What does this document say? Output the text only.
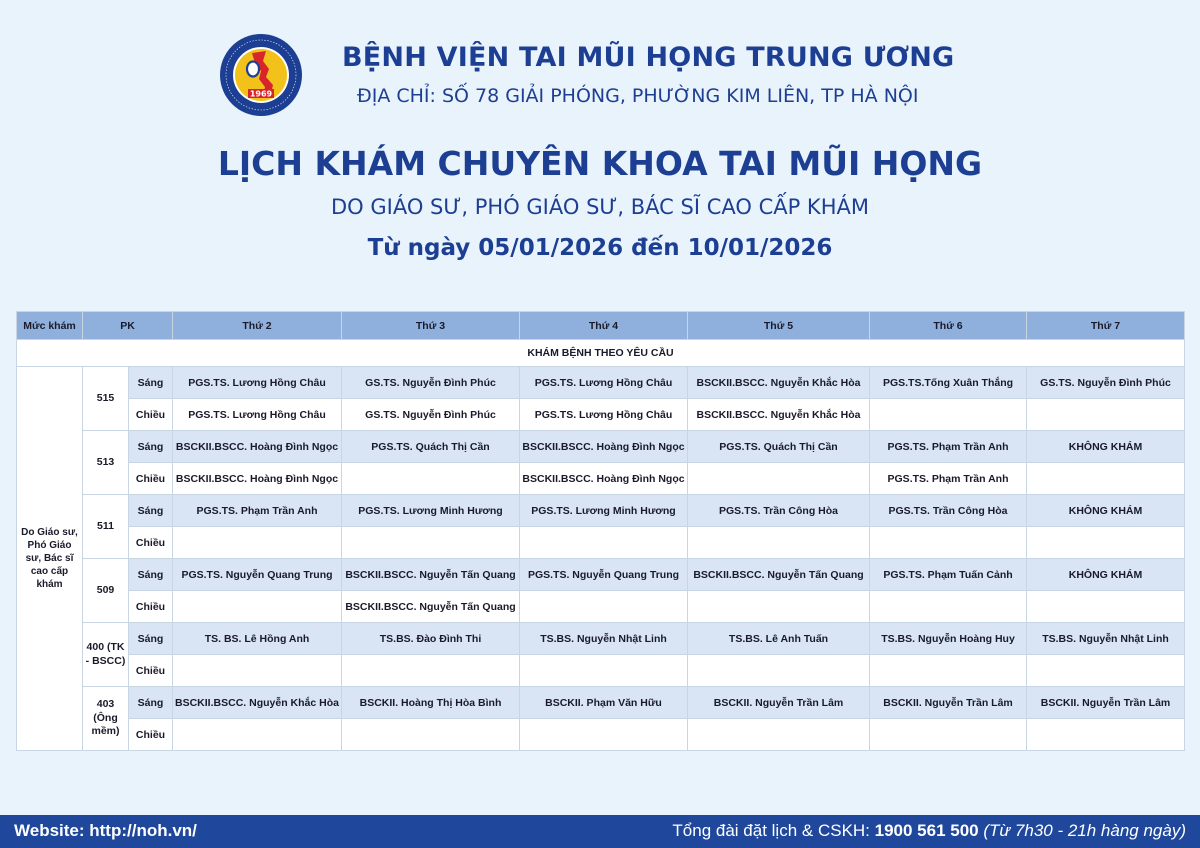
1969
BỆNH VIỆN TAI MŨI HỌNG TRUNG ƯƠNG

ĐỊA CHỈ: SỐ 78 GIẢI PHÓNG, PHƯỜNG KIM LIÊN, TP HÀ NỘI

LỊCH KHÁM CHUYÊN KHOA TAI MŨI HỌNG

DO GIÁO SƯ, PHÓ GIÁO SƯ, BÁC SĨ CAO CẤP KHÁM

Từ ngày 05/01/2026 đến 10/01/2026

Mức khám	PK		Thứ 2	Thứ 3	Thứ 4	Thứ 5	Thứ 6	Thứ 7
KHÁM BỆNH THEO YÊU CẦU								
Do Giáo sư, Phó Giáo sư, Bác sĩ cao cấp khám	515	Sáng	PGS.TS. Lương Hồng Châu	GS.TS. Nguyễn Đình Phúc	PGS.TS. Lương Hồng Châu	BSCKII.BSCC. Nguyễn Khắc Hòa	PGS.TS.Tống Xuân Thắng	GS.TS. Nguyễn Đình Phúc
		Chiều	PGS.TS. Lương Hồng Châu	GS.TS. Nguyễn Đình Phúc	PGS.TS. Lương Hồng Châu	BSCKII.BSCC. Nguyễn Khắc Hòa		
	513	Sáng	BSCKII.BSCC. Hoàng Đình Ngọc	PGS.TS. Quách Thị Cần	BSCKII.BSCC. Hoàng Đình Ngọc	PGS.TS. Quách Thị Cần	PGS.TS. Phạm Trần Anh	KHÔNG KHÁM
		Chiều	BSCKII.BSCC. Hoàng Đình Ngọc		BSCKII.BSCC. Hoàng Đình Ngọc		PGS.TS. Phạm Trần Anh	
	511	Sáng	PGS.TS. Phạm Trần Anh	PGS.TS. Lương Minh Hương	PGS.TS. Lương Minh Hương	PGS.TS. Trần Công Hòa	PGS.TS. Trần Công Hòa	KHÔNG KHÁM
		Chiều						
	509	Sáng	PGS.TS. Nguyễn Quang Trung	BSCKII.BSCC. Nguyễn Tấn Quang	PGS.TS. Nguyễn Quang Trung	BSCKII.BSCC. Nguyễn Tấn Quang	PGS.TS. Phạm Tuấn Cảnh	KHÔNG KHÁM
		Chiều		BSCKII.BSCC. Nguyễn Tấn Quang				
	400 (TK - BSCC)	Sáng	TS. BS. Lê Hồng Anh	TS.BS. Đào Đình Thi	TS.BS. Nguyễn Nhật Linh	TS.BS. Lê Anh Tuấn	TS.BS. Nguyễn Hoàng Huy	TS.BS. Nguyễn Nhật Linh
		Chiều						
	403 (Ông mềm)	Sáng	BSCKII.BSCC. Nguyễn Khắc Hòa	BSCKII. Hoàng Thị Hòa Bình	BSCKII. Phạm Văn Hữu	BSCKII. Nguyễn Trần Lâm	BSCKII. Nguyễn Trần Lâm	BSCKII. Nguyễn Trần Lâm
		Chiều						
Website: http://noh.vn/	Tổng đài đặt lịch & CSKH: 1900 561 500 (Từ 7h30 - 21h hàng ngày)
